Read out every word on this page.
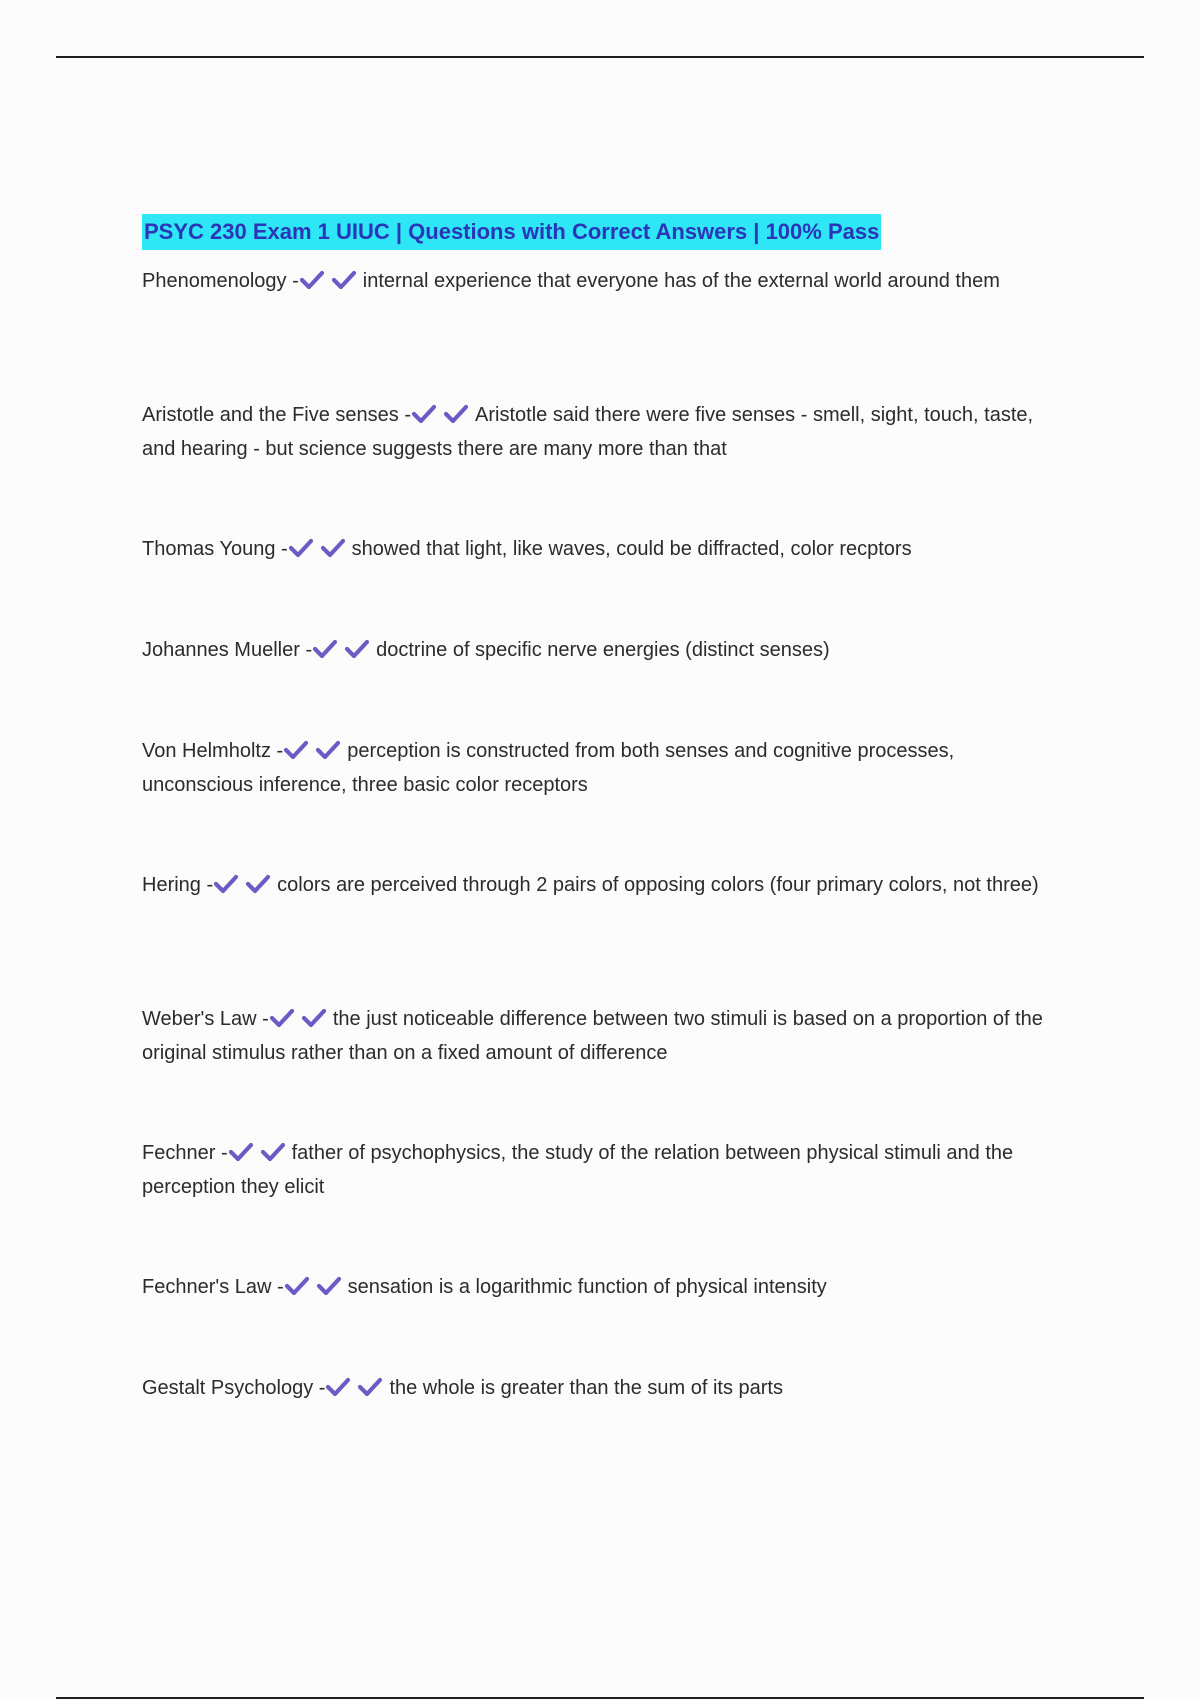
PSYC 230 Exam 1 UIUC | Questions with Correct Answers | 100% Pass

Phenomenology -	internal experience that everyone has of the external world around them

Aristotle and the Five senses -	Aristotle said there were five senses - smell, sight, touch, taste, and hearing - but science suggests there are many more than that

Thomas Young -	showed that light, like waves, could be diffracted, color recptors

Johannes Mueller -	doctrine of specific nerve energies (distinct senses)

Von Helmholtz -	perception is constructed from both senses and cognitive processes, unconscious inference, three basic color receptors

Hering -	colors are perceived through 2 pairs of opposing colors (four primary colors, not three)

Weber's Law -	the just noticeable difference between two stimuli is based on a proportion of the original stimulus rather than on a fixed amount of difference

Fechner -	father of psychophysics, the study of the relation between physical stimuli and the perception they elicit

Fechner's Law -	sensation is a logarithmic function of physical intensity

Gestalt Psychology -	the whole is greater than the sum of its parts
